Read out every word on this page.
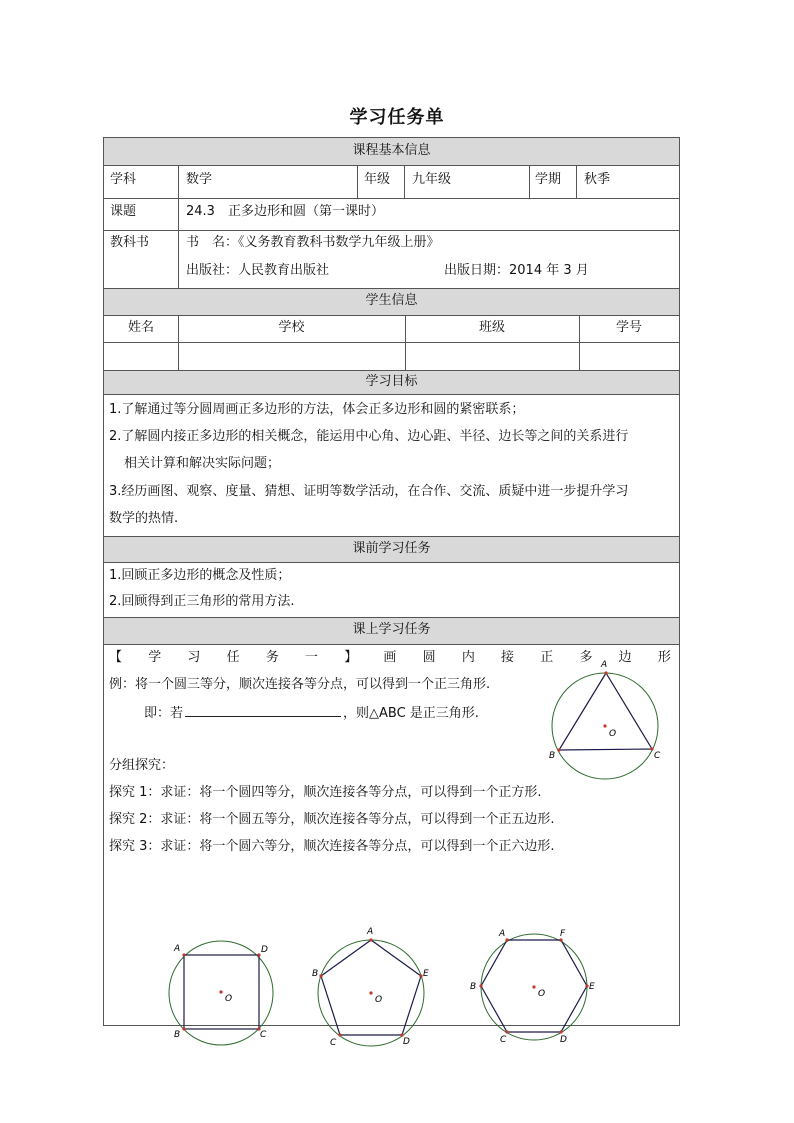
学习任务单
课程基本信息
学科	数学	年级 九年级	学期 秋季
课题	24.3　正多边形和圆（第一课时）
教科书	书　名：《义务教育教科书数学九年级上册》
出版社：人民教育出版社	出版日期：2014 年 3 月
学生信息
姓名	学校	班级	学号
学习目标
1.了解通过等分圆周画正多边形的方法，体会正多边形和圆的紧密联系；
2.了解圆内接正多边形的相关概念，能运用中心角、边心距、半径、边长等之间的关系进行
相关计算和解决实际问题；
3.经历画图、观察、度量、猜想、证明等数学活动，在合作、交流、质疑中进一步提升学习
数学的热情.
课前学习任务
1.回顾正多边形的概念及性质；
2.回顾得到正三角形的常用方法.
课上学习任务
【 学 习 任 务 一 】 画 圆 内 接 正 多 边 形
例：将一个圆三等分，顺次连接各等分点，可以得到一个正三角形.
即：若	，则△ABC 是正三角形.
分组探究：
探究 1：求证：将一个圆四等分，顺次连接各等分点，可以得到一个正方形.
探究 2：求证：将一个圆五等分，顺次连接各等分点，可以得到一个正五边形.
探究 3：求证：将一个圆六等分，顺次连接各等分点，可以得到一个正六边形.
A
B	C
O
A	D
B	C
O
A
E
D
C
B
O
A	F
E
D
C
B
O
